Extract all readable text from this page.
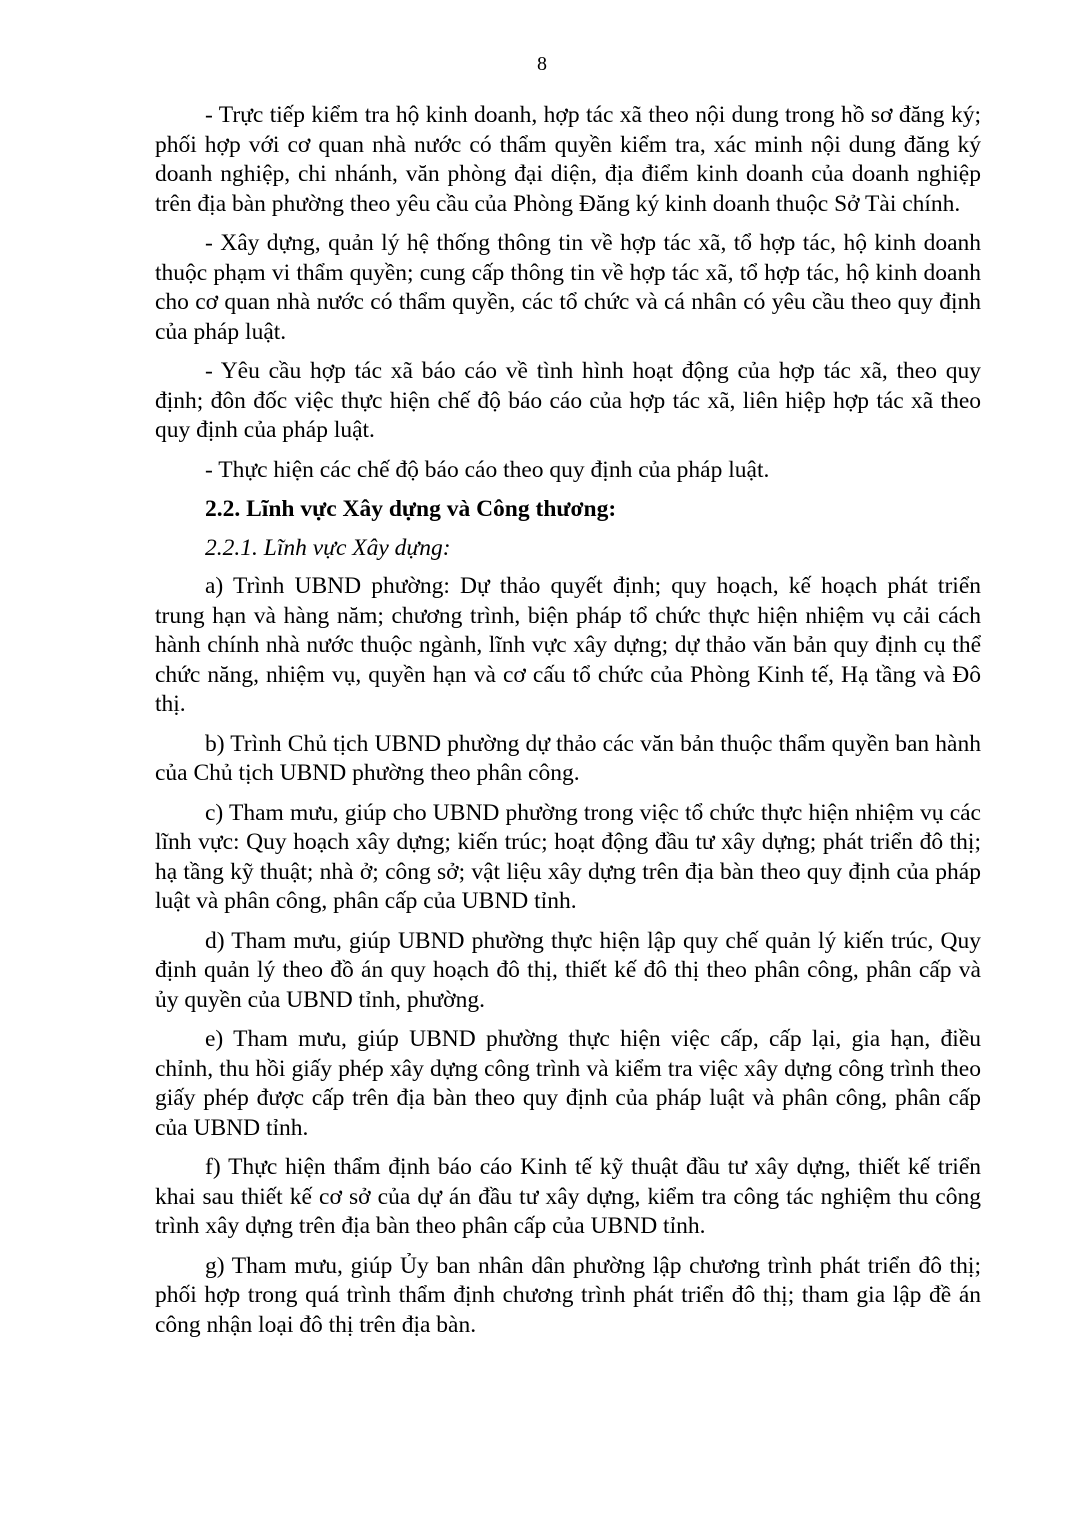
8

- Trực tiếp kiểm tra hộ kinh doanh, hợp tác xã theo nội dung trong hồ sơ đăng ký; phối hợp với cơ quan nhà nước có thẩm quyền kiểm tra, xác minh nội dung đăng ký doanh nghiệp, chi nhánh, văn phòng đại diện, địa điểm kinh doanh của doanh nghiệp trên địa bàn phường theo yêu cầu của Phòng Đăng ký kinh doanh thuộc Sở Tài chính.

- Xây dựng, quản lý hệ thống thông tin về hợp tác xã, tổ hợp tác, hộ kinh doanh thuộc phạm vi thẩm quyền; cung cấp thông tin về hợp tác xã, tổ hợp tác, hộ kinh doanh cho cơ quan nhà nước có thẩm quyền, các tổ chức và cá nhân có yêu cầu theo quy định của pháp luật.

- Yêu cầu hợp tác xã báo cáo về tình hình hoạt động của hợp tác xã, theo quy định; đôn đốc việc thực hiện chế độ báo cáo của hợp tác xã, liên hiệp hợp tác xã theo quy định của pháp luật.

- Thực hiện các chế độ báo cáo theo quy định của pháp luật.

2.2. Lĩnh vực Xây dựng và Công thương:

2.2.1. Lĩnh vực Xây dựng:

a) Trình UBND phường: Dự thảo quyết định; quy hoạch, kế hoạch phát triển trung hạn và hàng năm; chương trình, biện pháp tổ chức thực hiện nhiệm vụ cải cách hành chính nhà nước thuộc ngành, lĩnh vực xây dựng; dự thảo văn bản quy định cụ thể chức năng, nhiệm vụ, quyền hạn và cơ cấu tổ chức của Phòng Kinh tế, Hạ tầng và Đô thị.

b) Trình Chủ tịch UBND phường dự thảo các văn bản thuộc thẩm quyền ban hành của Chủ tịch UBND phường theo phân công.

c) Tham mưu, giúp cho UBND phường trong việc tổ chức thực hiện nhiệm vụ các lĩnh vực: Quy hoạch xây dựng; kiến trúc; hoạt động đầu tư xây dựng; phát triển đô thị; hạ tầng kỹ thuật; nhà ở; công sở; vật liệu xây dựng trên địa bàn theo quy định của pháp luật và phân công, phân cấp của UBND tỉnh.

d) Tham mưu, giúp UBND phường thực hiện lập quy chế quản lý kiến trúc, Quy định quản lý theo đồ án quy hoạch đô thị, thiết kế đô thị theo phân công, phân cấp và ủy quyền của UBND tỉnh, phường.

e) Tham mưu, giúp UBND phường thực hiện việc cấp, cấp lại, gia hạn, điều chỉnh, thu hồi giấy phép xây dựng công trình và kiểm tra việc xây dựng công trình theo giấy phép được cấp trên địa bàn theo quy định của pháp luật và phân công, phân cấp của UBND tỉnh.

f) Thực hiện thẩm định báo cáo Kinh tế kỹ thuật đầu tư xây dựng, thiết kế triển khai sau thiết kế cơ sở của dự án đầu tư xây dựng, kiểm tra công tác nghiệm thu công trình xây dựng trên địa bàn theo phân cấp của UBND tỉnh.

g) Tham mưu, giúp Ủy ban nhân dân phường lập chương trình phát triển đô thị; phối hợp trong quá trình thẩm định chương trình phát triển đô thị; tham gia lập đề án công nhận loại đô thị trên địa bàn.
